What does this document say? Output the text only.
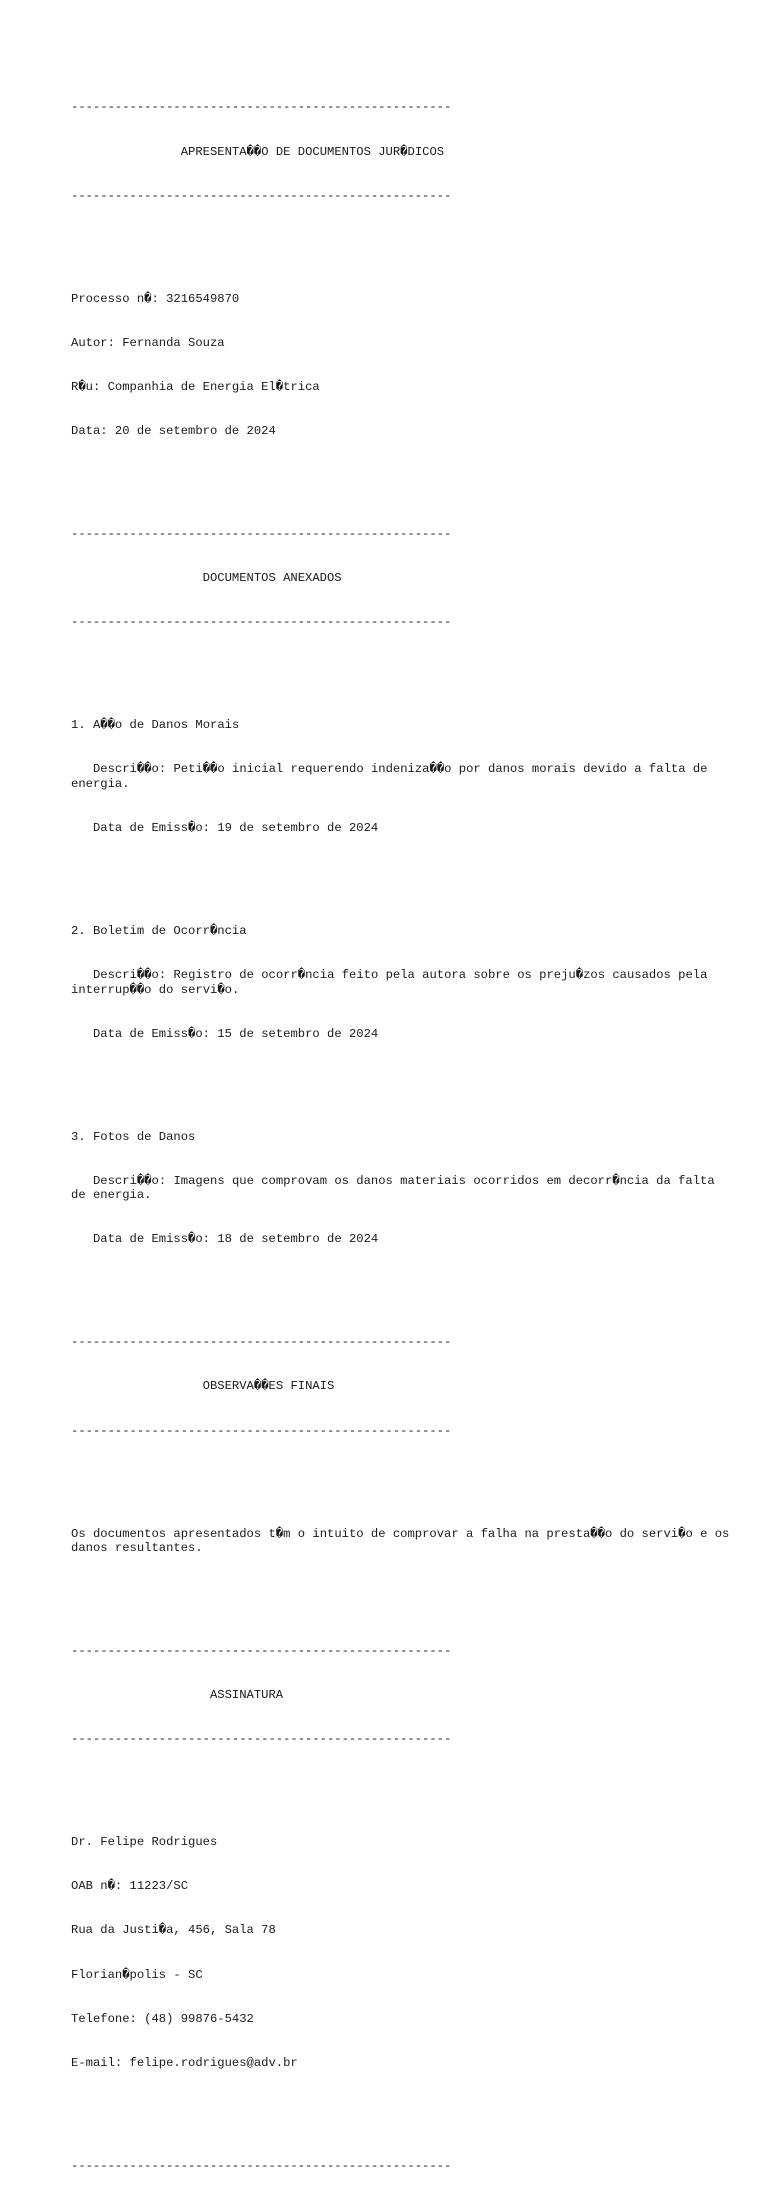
----------------------------------------------------

APRESENTA��O DE DOCUMENTOS JUR�DICOS

----------------------------------------------------

Processo n�: 3216549870

Autor: Fernanda Souza

R�u: Companhia de Energia El�trica

Data: 20 de setembro de 2024

----------------------------------------------------

DOCUMENTOS ANEXADOS

----------------------------------------------------

1. A��o de Danos Morais

Descri��o: Peti��o inicial requerendo indeniza��o por danos morais devido a falta de energia.

Data de Emiss�o: 19 de setembro de 2024

2. Boletim de Ocorr�ncia

Descri��o: Registro de ocorr�ncia feito pela autora sobre os preju�zos causados pela interrup��o do servi�o.

Data de Emiss�o: 15 de setembro de 2024

3. Fotos de Danos

Descri��o: Imagens que comprovam os danos materiais ocorridos em decorr�ncia da falta de energia.

Data de Emiss�o: 18 de setembro de 2024

----------------------------------------------------

OBSERVA��ES FINAIS

----------------------------------------------------

Os documentos apresentados t�m o intuito de comprovar a falha na presta��o do servi�o e os danos resultantes.

----------------------------------------------------

ASSINATURA

----------------------------------------------------

Dr. Felipe Rodrigues

OAB n�: 11223/SC

Rua da Justi�a, 456, Sala 78

Florian�polis - SC

Telefone: (48) 99876-5432

E-mail: felipe.rodrigues@adv.br

----------------------------------------------------
